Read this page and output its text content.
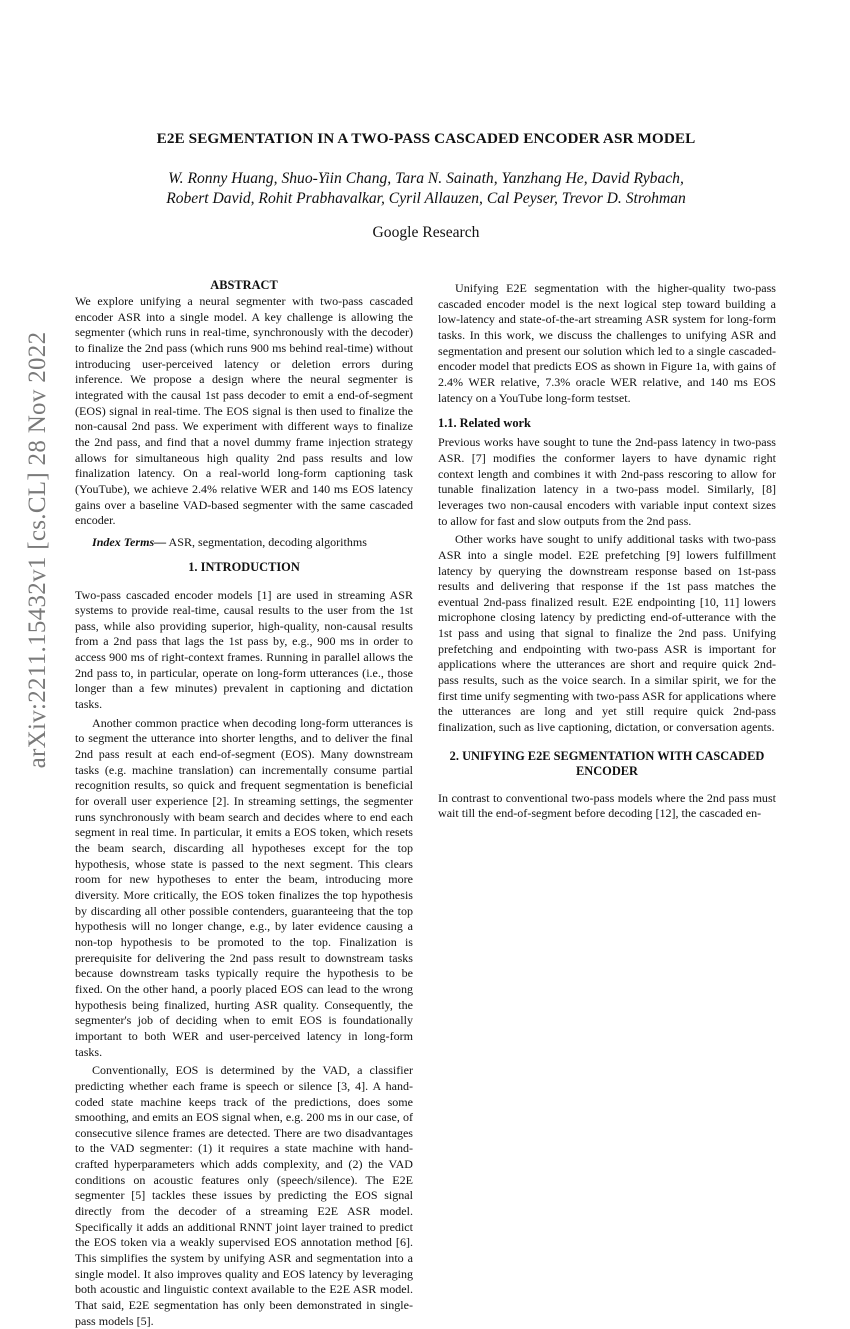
arXiv:2211.15432v1 [cs.CL] 28 Nov 2022
E2E SEGMENTATION IN A TWO-PASS CASCADED ENCODER ASR MODEL
W. Ronny Huang, Shuo-Yiin Chang, Tara N. Sainath, Yanzhang He, David Rybach,
Robert David, Rohit Prabhavalkar, Cyril Allauzen, Cal Peyser, Trevor D. Strohman
Google Research
ABSTRACT

We explore unifying a neural segmenter with two-pass cascaded encoder ASR into a single model. A key challenge is allowing the segmenter (which runs in real-time, synchronously with the decoder) to finalize the 2nd pass (which runs 900 ms behind real-time) without introducing user-perceived latency or deletion errors during inference. We propose a design where the neural segmenter is integrated with the causal 1st pass decoder to emit a end-of-segment (EOS) signal in real-time. The EOS signal is then used to finalize the non-causal 2nd pass. We experiment with different ways to finalize the 2nd pass, and find that a novel dummy frame injection strategy allows for simultaneous high quality 2nd pass results and low finalization latency. On a real-world long-form captioning task (YouTube), we achieve 2.4% relative WER and 140 ms EOS latency gains over a baseline VAD-based segmenter with the same cascaded encoder.

Index Terms— ASR, segmentation, decoding algorithms

1. INTRODUCTION

Two-pass cascaded encoder models [1] are used in streaming ASR systems to provide real-time, causal results to the user from the 1st pass, while also providing superior, high-quality, non-causal results from a 2nd pass that lags the 1st pass by, e.g., 900 ms in order to access 900 ms of right-context frames. Running in parallel allows the 2nd pass to, in particular, operate on long-form utterances (i.e., those longer than a few minutes) prevalent in captioning and dictation tasks.

Another common practice when decoding long-form utterances is to segment the utterance into shorter lengths, and to deliver the final 2nd pass result at each end-of-segment (EOS). Many downstream tasks (e.g. machine translation) can incrementally consume partial recognition results, so quick and frequent segmentation is beneficial for overall user experience [2]. In streaming settings, the segmenter runs synchronously with beam search and decides where to end each segment in real time. In particular, it emits a EOS token, which resets the beam search, discarding all hypotheses except for the top hypothesis, whose state is passed to the next segment. This clears room for new hypotheses to enter the beam, introducing more diversity. More critically, the EOS token finalizes the top hypothesis by discarding all other possible contenders, guaranteeing that the top hypothesis will no longer change, e.g., by later evidence causing a non-top hypothesis to be promoted to the top. Finalization is prerequisite for delivering the 2nd pass result to downstream tasks because downstream tasks typically require the hypothesis to be fixed. On the other hand, a poorly placed EOS can lead to the wrong hypothesis being finalized, hurting ASR quality. Consequently, the segmenter's job of deciding when to emit EOS is foundationally important to both WER and user-perceived latency in long-form tasks.

Conventionally, EOS is determined by the VAD, a classifier predicting whether each frame is speech or silence [3, 4]. A hand-coded state machine keeps track of the predictions, does some smoothing, and emits an EOS signal when, e.g. 200 ms in our case, of consecutive silence frames are detected. There are two disadvantages to the VAD segmenter: (1) it requires a state machine with hand-crafted hyperparameters which adds complexity, and (2) the VAD conditions on acoustic features only (speech/silence). The E2E segmenter [5] tackles these issues by predicting the EOS signal directly from the decoder of a streaming E2E ASR model. Specifically it adds an additional RNNT joint layer trained to predict the EOS token via a weakly supervised EOS annotation method [6]. This simplifies the system by unifying ASR and segmentation into a single model. It also improves quality and EOS latency by leveraging both acoustic and linguistic context available to the E2E ASR model. That said, E2E segmentation has only been demonstrated in single-pass models [5].

Unifying E2E segmentation with the higher-quality two-pass cascaded encoder model is the next logical step toward building a low-latency and state-of-the-art streaming ASR system for long-form tasks. In this work, we discuss the challenges to unifying ASR and segmentation and present our solution which led to a single cascaded-encoder model that predicts EOS as shown in Figure 1a, with gains of 2.4% WER relative, 7.3% oracle WER relative, and 140 ms EOS latency on a YouTube long-form testset.

1.1. Related work

Previous works have sought to tune the 2nd-pass latency in two-pass ASR. [7] modifies the conformer layers to have dynamic right context length and combines it with 2nd-pass rescoring to allow for tunable finalization latency in a two-pass model. Similarly, [8] leverages two non-causal encoders with variable input context sizes to allow for fast and slow outputs from the 2nd pass.

Other works have sought to unify additional tasks with two-pass ASR into a single model. E2E prefetching [9] lowers fulfillment latency by querying the downstream response based on 1st-pass results and delivering that response if the 1st pass matches the eventual 2nd-pass finalized result. E2E endpointing [10, 11] lowers microphone closing latency by predicting end-of-utterance with the 1st pass and using that signal to finalize the 2nd pass. Unifying prefetching and endpointing with two-pass ASR is important for applications where the utterances are short and require quick 2nd-pass results, such as the voice search. In a similar spirit, we for the first time unify segmenting with two-pass ASR for applications where the utterances are long and yet still require quick 2nd-pass finalization, such as live captioning, dictation, or conversation agents.

2. UNIFYING E2E SEGMENTATION WITH CASCADED
ENCODER

In contrast to conventional two-pass models where the 2nd pass must wait till the end-of-segment before decoding [12], the cascaded en-
